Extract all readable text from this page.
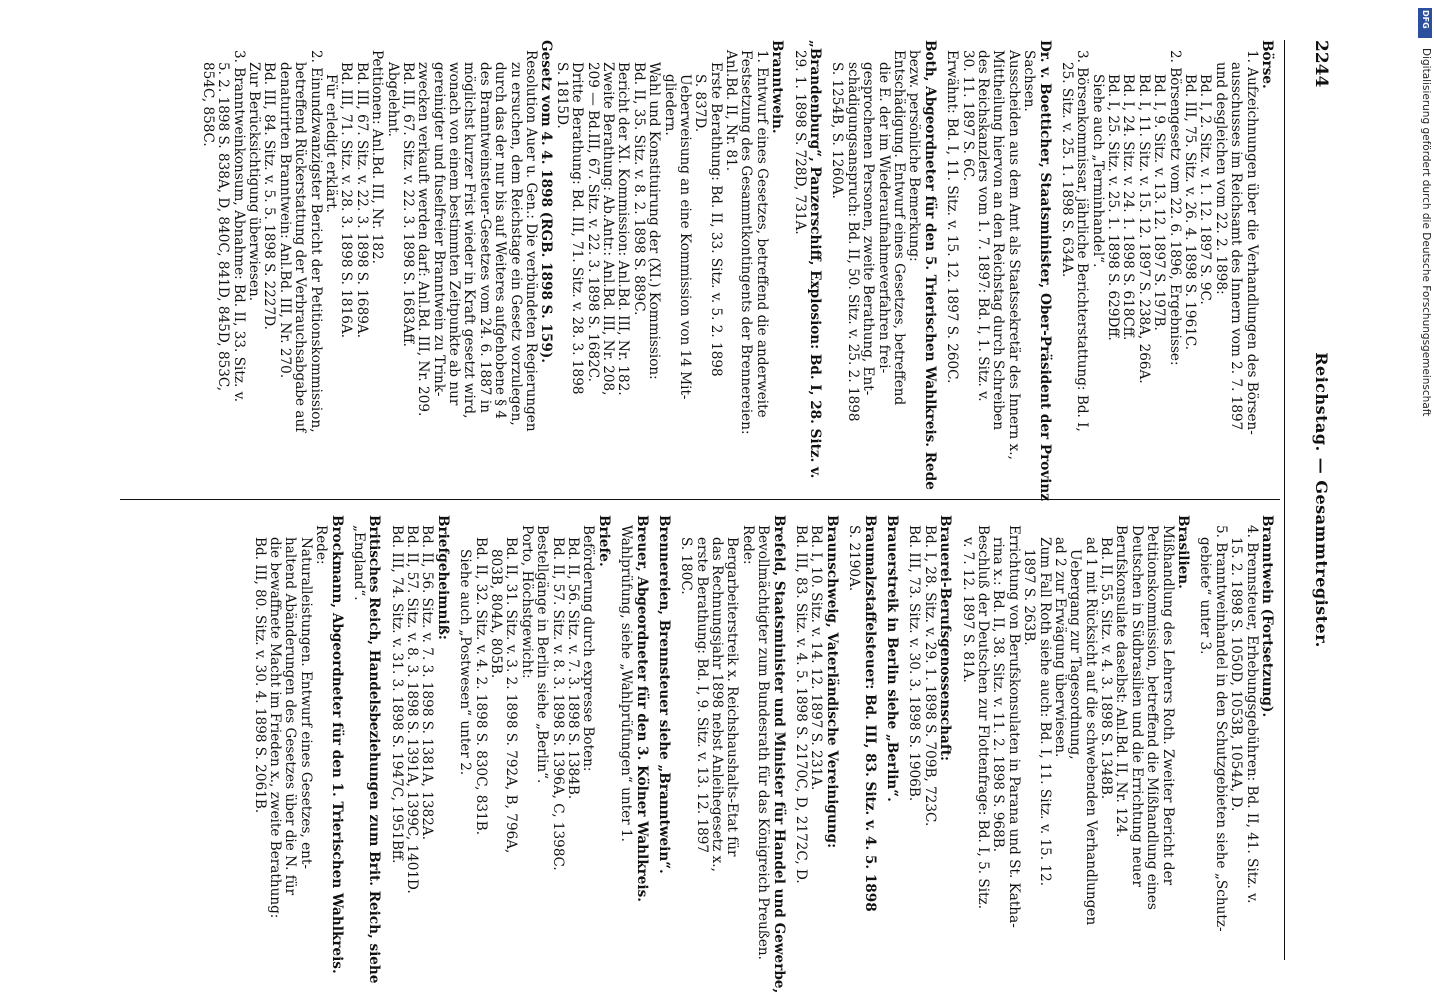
2244
Reichstag. — Gesammtregister.
Börse.
1. Aufzeichnungen über die Verhandlungen des Börsen-
ausschusses im Reichsamt des Innern vom 2. 7. 1897
und desgleichen vom 22. 2. 1898:
Bd. I, 2. Sitz. v. 1. 12. 1897 S. 9C.
Bd. III, 75. Sitz. v. 26. 4. 1898 S. 1961C.
2. Börsengesetz vom 22. 6. 1896, Ergebnisse:
Bd. I, 9. Sitz. v. 13. 12. 1897 S. 197B.
Bd. I, 11. Sitz. v. 15. 12. 1897 S. 238A, 266A.
Bd. I, 24. Sitz. v. 24. 1. 1898 S. 618Cff.
Bd. I, 25. Sitz. v. 25. 1. 1898 S. 629Dff.
Siehe auch „Terminhandel“.
3. Börsenkommissar, jährliche Berichterstattung: Bd. I,
25. Sitz. v. 25. 1. 1898 S. 634A.
Dr. v. Boetticher, Staatsminister, Ober-Präsident der Provinz
Sachsen.
Ausscheiden aus dem Amt als Staatssekretär des Innern x.,
Mittheilung hiervon an den Reichstag durch Schreiben
des Reichskanzlers vom 1. 7. 1897: Bd. I, 1. Sitz. v.
30. 11. 1897 S. 6C.
Erwähnt: Bd. I, 11. Sitz. v. 15. 12. 1897 S. 260C.
Both, Abgeordneter für den 5. Trierischen Wahlkreis. Rede
bezw. persönliche Bemerkung:
Entschädigung. Entwurf eines Gesetzes, betreffend
die E. der im Wiederaufnahmeverfahren frei-
gesprochenen Personen, zweite Berathung, Ent-
schädigungsanspruch: Bd. II, 50. Sitz. v. 25. 2. 1898
S. 1254B, S. 1260A.
„Brandenburg“, Panzerschiff, Explosion: Bd. I, 28. Sitz. v.
29. 1. 1898 S. 728D, 731A.
Branntwein.
1. Entwurf eines Gesetzes, betreffend die anderweite
Festsetzung des Gesammtkontingents der Brennereien:
Anl.Bd. II, Nr. 81.
Erste Berathung: Bd. II, 33. Sitz. v. 5. 2. 1898
S. 837D.
Ueberweisung an eine Kommission von 14 Mit-
gliedern.
Wahl und Konstituirung der (XI.) Kommission:
Bd. II, 35. Sitz. v. 8. 2. 1898 S. 889C.
Bericht der XI. Kommission: Anl.Bd. III, Nr. 182.
Zweite Berathung: Ab.Antr.: Anl.Bd. III, Nr. 208,
209 — Bd.III, 67. Sitz. v. 22. 3. 1898 S. 1682C.
Dritte Berathung: Bd. III, 71. Sitz. v. 28. 3. 1898
S. 1815D.
Gesetz vom 4. 4. 1898 (RGB. 1898 S. 159).
Resolution Auer u. Gen.: Die verbündeten Regierungen
zu ersuchen, dem Reichstage ein Gesetz vorzulegen,
durch das der nur bis auf Weiteres aufgehobene § 4
des Branntweinsteuer-Gesetzes vom 24. 6. 1887 in
möglichst kurzer Frist wieder in Kraft gesetzt wird,
wonach von einem bestimmten Zeitpunkte ab nur
gereinigter und fuselfreier Branntwein zu Trink-
zwecken verkauft werden darf: Anl.Bd. III, Nr. 209.
Bd. III, 67. Sitz. v. 22. 3. 1898 S. 1683Aff.
Abgelehnt.
Petitionen: Anl.Bd. III, Nr. 182.
Bd. III, 67. Sitz. v. 22. 3. 1898 S. 1689A.
Bd. III, 71. Sitz. v. 28. 3. 1898 S. 1816A.
Für erledigt erklärt.
2. Einundzwanzigster Bericht der Petitionskommission,
betreffend Rückerstattung der Verbrauchsabgabe auf
denaturirten Branntwein: Anl.Bd. III, Nr. 270.
Bd. III, 84. Sitz. v. 5. 5. 1898 S. 2227D.
Zur Berücksichtigung überwiesen.
3. Branntweinkonsum, Abnahme: Bd. II, 33. Sitz. v.
5. 2. 1898 S. 838A, D, 840C, 841D, 845D, 853C,
854C, 858C.
Branntwein (Fortsetzung).
4. Brennsteuer, Erhebungsgebühren: Bd. II, 41. Sitz. v.
15. 2. 1898 S. 1050D, 1053B, 1054A, D.
5. Branntweinhandel in den Schutzgebieten siehe „Schutz-
gebiete“ unter 3.
Brasilien.
Mißhandlung des Lehrers Roth. Zweiter Bericht der
Petitionskommission, betreffend die Mißhandlung eines
Deutschen in Südbrasilien und die Errichtung neuer
Berufskonsulate daselbst: Anl.Bd. II, Nr. 124.
Bd. II, 55. Sitz. v. 4. 3. 1898 S. 1348B.
ad 1 mit Rücksicht auf die schwebenden Verhandlungen
Uebergang zur Tagesordnung,
ad 2 zur Erwägung überwiesen.
Zum Fall Roth siehe auch: Bd. I, 11. Sitz. v. 15. 12.
1897 S. 263B.
Errichtung von Berufskonsulaten in Parana und St. Katha-
rina x.: Bd. II, 38. Sitz. v. 11. 2. 1898 S. 968B.
Beschluß der Deutschen zur Flottenfrage: Bd. I, 5. Sitz.
v. 7. 12. 1897 S. 81A.
Brauerei-Berufsgenossenschaft:
Bd. I, 28. Sitz. v. 29. 1. 1898 S. 709B, 723C.
Bd. III, 73. Sitz. v. 30. 3. 1898 S. 1906B.
Brauerstreik in Berlin siehe „Berlin“.
Braumalzstaffelsteuer: Bd. III, 83. Sitz. v. 4. 5. 1898
S. 2190A.
Braunschweig, Vaterländische Vereinigung:
Bd. I, 10. Sitz. v. 14. 12. 1897 S. 231A.
Bd. III, 83. Sitz. v. 4. 5. 1898 S. 2170C, D, 2172C, D.
Brefeld, Staatsminister und Minister für Handel und Gewerbe,
Bevollmächtigter zum Bundesrath für das Königreich Preußen.
Rede:
Bergarbeiterstreik x. Reichshaushalts-Etat für
das Rechnungsjahr 1898 nebst Anleihegesetz x.,
erste Berathung: Bd. I, 9. Sitz. v. 13. 12. 1897
S. 180C.
Brennereien, Brennsteuer siehe „Branntwein“.
Breuer, Abgeordneter für den 3. Kölner Wahlkreis.
Wahlprüfung, siehe „Wahlprüfungen“ unter 1.
Briefe.
Beförderung durch expresse Boten:
Bd. II, 56. Sitz. v. 7. 3. 1898 S. 1384B.
Bd. II, 57. Sitz. v. 8. 3. 1898 S. 1396A, C, 1398C.
Bestellgänge in Berlin siehe „Berlin“.
Porto, Höchstgewicht:
Bd. II, 31. Sitz. v. 3. 2. 1898 S. 792A, B, 796A,
803B, 804A, 805B.
Bd. II, 32. Sitz. v. 4. 2. 1898 S. 830C, 831B.
Siehe auch „Postwesen“ unter 2.
Briefgeheimniß:
Bd. II, 56. Sitz. v. 7. 3. 1898 S. 1381A, 1382A.
Bd. II, 57. Sitz. v. 8. 3. 1898 S. 1391A, 1399C, 1401D.
Bd. III, 74. Sitz. v. 31. 3. 1898 S. 1947C, 1951Bff.
Britisches Reich, Handelsbeziehungen zum Brit. Reich, siehe
„England“.
Brockmann, Abgeordneter für den 1. Trierischen Wahlkreis.
Rede:
Naturalleistungen. Entwurf eines Gesetzes, ent-
haltend Abänderungen des Gesetzes über die N. für
die bewaffnete Macht im Frieden x., zweite Berathung:
Bd. III, 80. Sitz. v. 30. 4. 1898 S. 2061B.
DFG
Digitalisierung gefördert durch die Deutsche Forschungsgemeinschaft
